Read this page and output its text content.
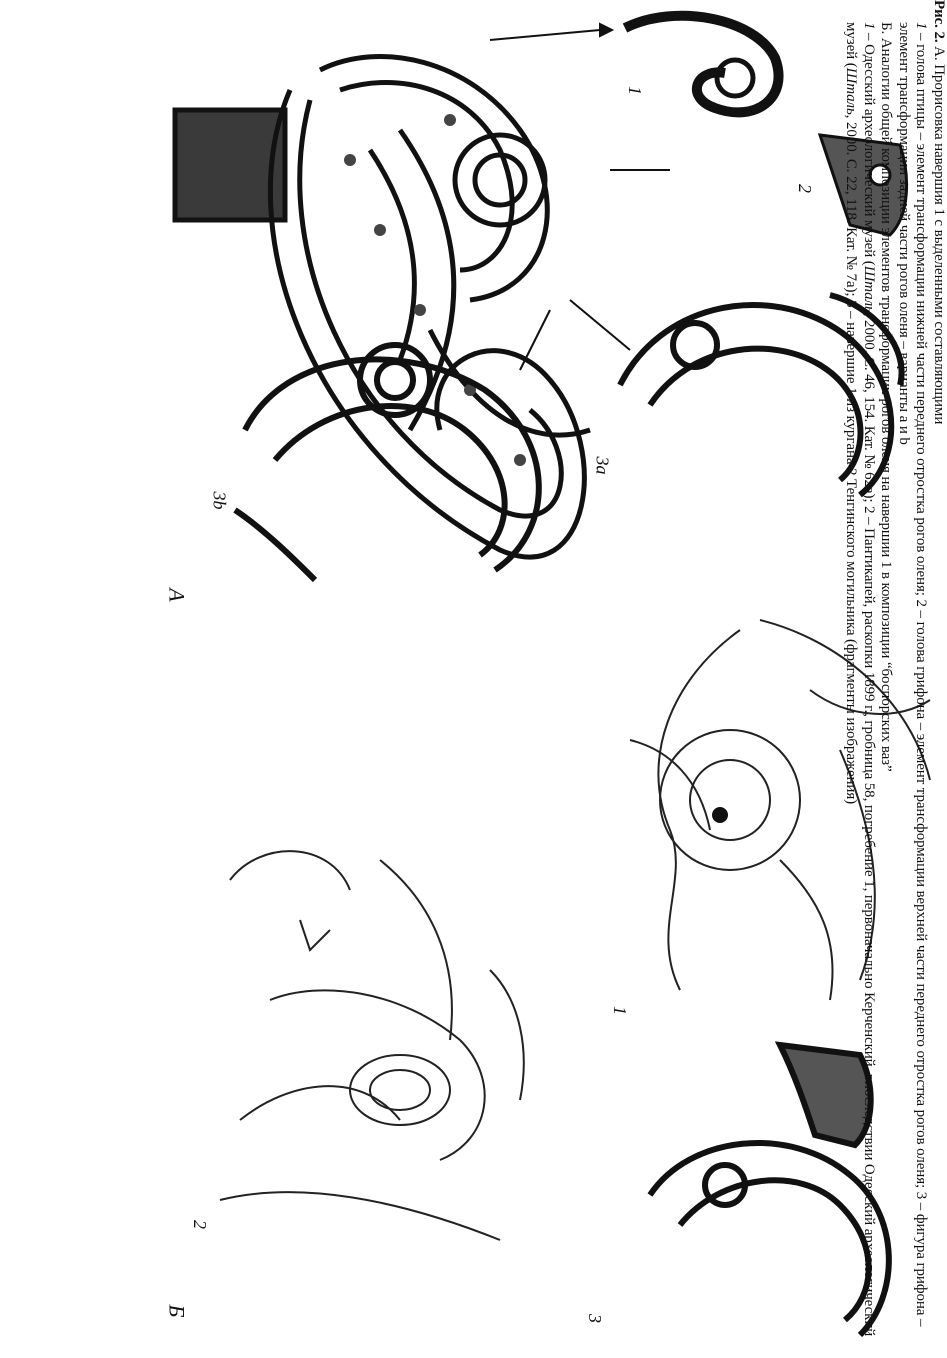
1
2
3a
3b
А
1
2
3
Б

Рис. 2. А. Прорисовка навершия 1 с выделенными составляющими

1 – голова птицы – элемент трансформации нижней части переднего отростка рогов оленя; 2 – голова грифона – элемент трансформации верхней части переднего отростка рогов оленя; 3 – фигура грифона – элемент трансформации задней части рогов оленя – варианты a и b

Б. Аналогии общей композиции элементов трансформации рогов оленя на навершии 1 в композиции “боспорских ваз”

1 – Одесский археологический музей (Шталь, 2000. С. 46, 154. Кат. № 62а); 2 – Пантикапей, раскопки 1899 г., гробница 58, погребение 1, первоначально Керченский, впоследствии Одесский археологический музей (Шталь, 2000. С. 22, 118. Кат. № 7а); 3 – навершие 1 из кургана 2 Тенгинского могильника (фрагменты изображения)
